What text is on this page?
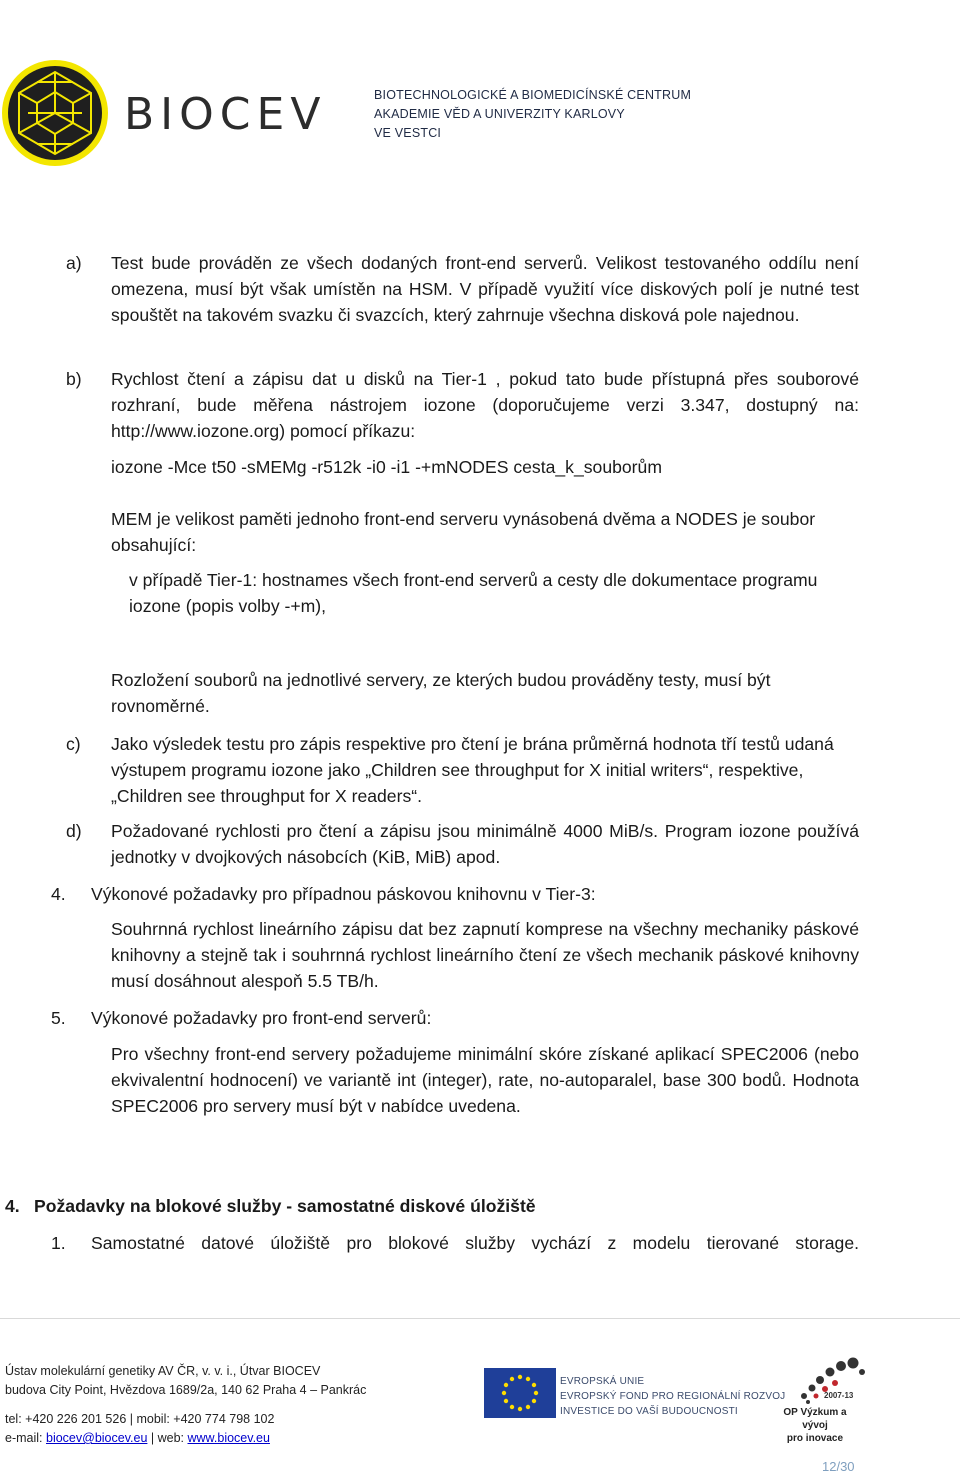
BIOCEV	BIOTECHNOLOGICKÉ A BIOMEDICÍNSKÉ CENTRUM
AKADEMIE VĚD A UNIVERZITY KARLOVY
VE VESTCI
a) Test bude prováděn ze všech dodaných front-end serverů. Velikost testovaného oddílu není omezena, musí být však umístěn na HSM. V případě využití více diskových polí je nutné test spouštět na takovém svazku či svazcích, který zahrnuje všechna disková pole najednou.

b) Rychlost čtení a zápisu dat u disků na Tier-1 , pokud tato bude přístupná přes souborové rozhraní, bude měřena nástrojem iozone (doporučujeme verzi 3.347, dostupný na: http://www.iozone.org) pomocí příkazu:

iozone -Mce t50 -sMEMg -r512k -i0 -i1 -+mNODES cesta_k_souborům

MEM je velikost paměti jednoho front-end serveru vynásobená dvěma a NODES je soubor obsahující:

v případě Tier-1: hostnames všech front-end serverů a cesty dle dokumentace programu iozone (popis volby -+m),

Rozložení souborů na jednotlivé servery, ze kterých budou prováděny testy, musí být rovnoměrné.

c) Jako výsledek testu pro zápis respektive pro čtení je brána průměrná hodnota tří testů udaná výstupem programu iozone jako „Children see throughput for X initial writers“, respektive, „Children see throughput for X readers“.

d) Požadované rychlosti pro čtení a zápisu jsou minimálně 4000 MiB/s. Program iozone používá jednotky v dvojkových násobcích (KiB, MiB) apod.

4. Výkonové požadavky pro případnou páskovou knihovnu v Tier-3:

Souhrnná rychlost lineárního zápisu dat bez zapnutí komprese na všechny mechaniky páskové knihovny a stejně tak i souhrnná rychlost lineárního čtení ze všech mechanik páskové knihovny musí dosáhnout alespoň 5.5 TB/h.

5. Výkonové požadavky pro front-end serverů:

Pro všechny front-end servery požadujeme minimální skóre získané aplikací SPEC2006 (nebo ekvivalentní hodnocení) ve variantě int (integer), rate, no-autoparalel, base 300 bodů. Hodnota SPEC2006 pro servery musí být v nabídce uvedena.

4. Požadavky na blokové služby - samostatné diskové úložiště
1. Samostatné datové úložiště pro blokové služby vychází z modelu tierované storage.

Ústav molekulární genetiky AV ČR, v. v. i., Útvar BIOCEV
budova City Point, Hvězdova 1689/2a, 140 62 Praha 4 – Pankrác
tel: +420 226 201 526 | mobil: +420 774 798 102
e-mail: biocev@biocev.eu | web: www.biocev.eu
EVROPSKÁ UNIE
EVROPSKÝ FOND PRO REGIONÁLNÍ ROZVOJ
INVESTICE DO VAŠÍ BUDOUCNOSTI
2007-13
OP Výzkum a vývoj
pro inovace
12/30
